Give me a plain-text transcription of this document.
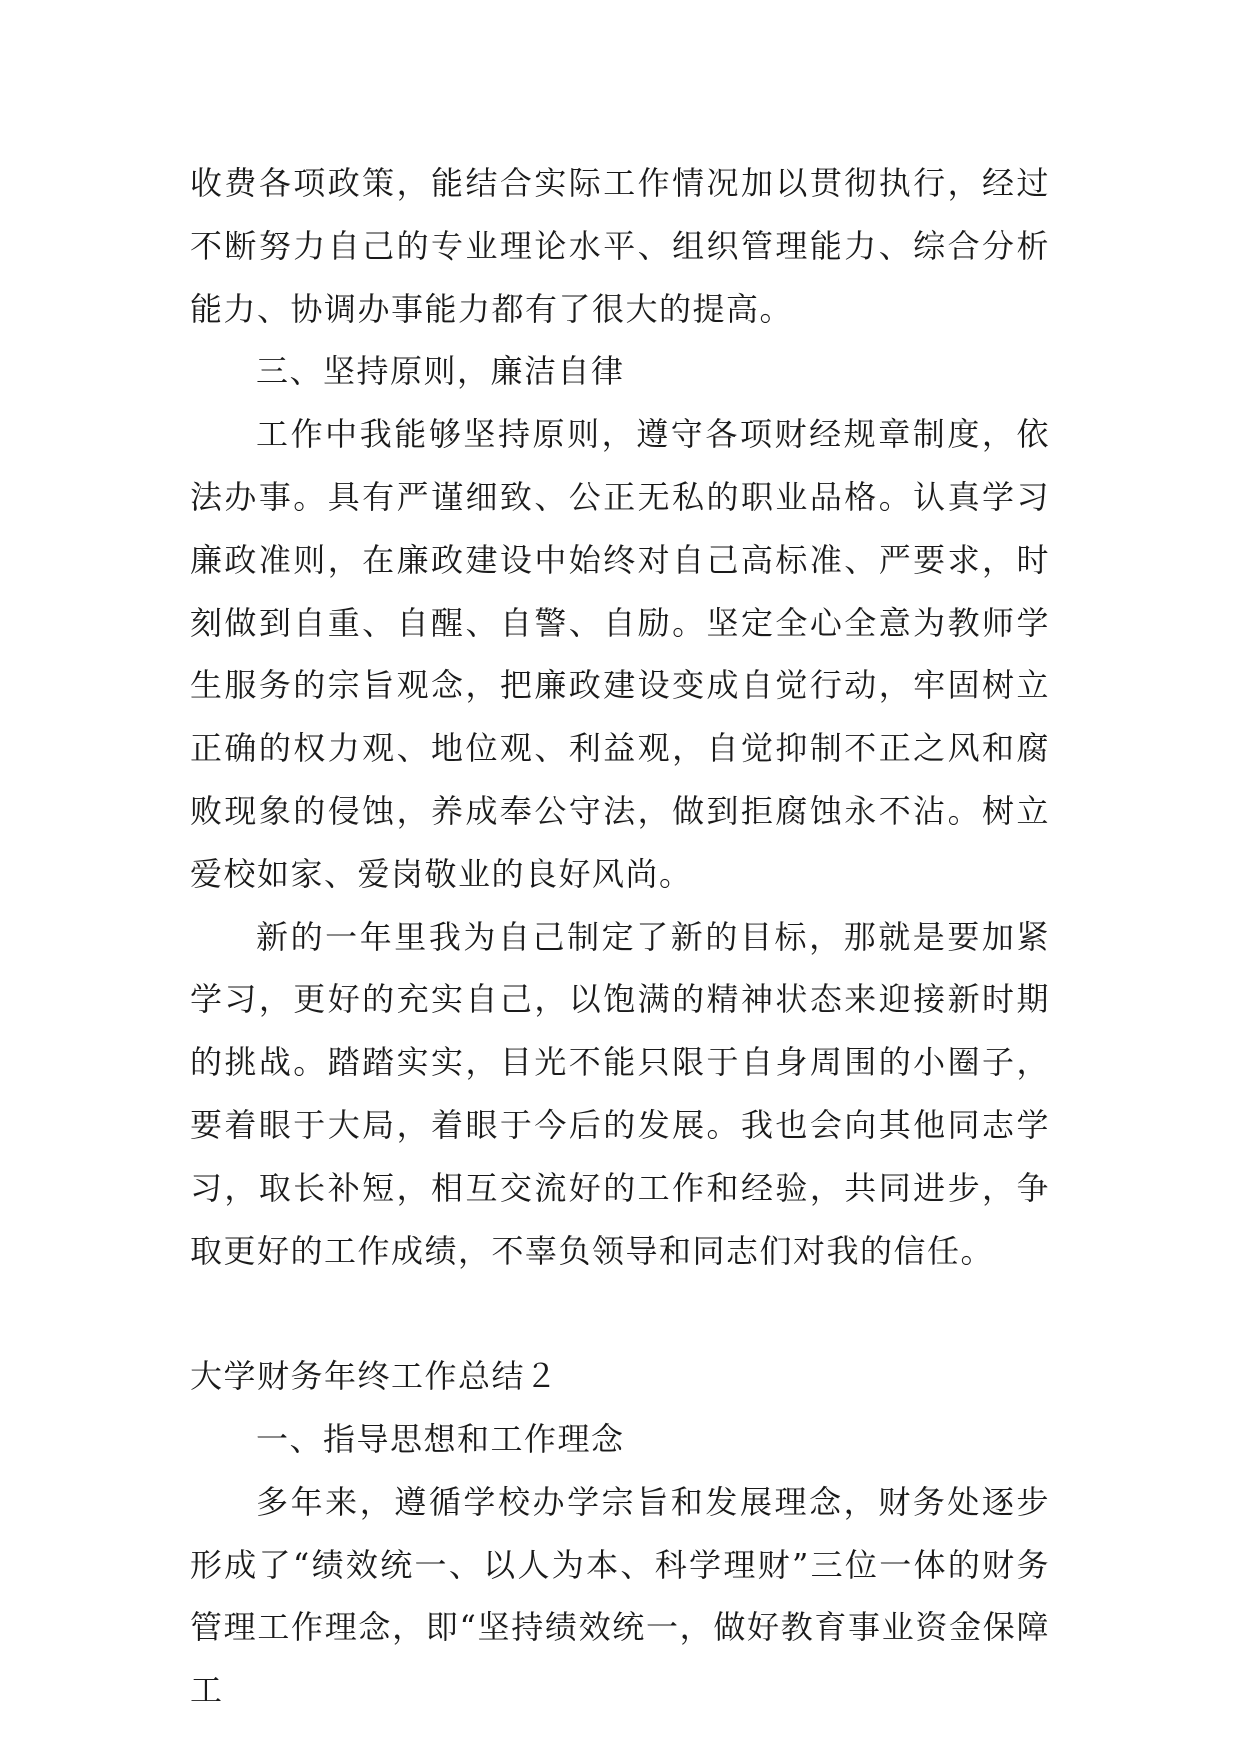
收费各项政策，能结合实际工作情况加以贯彻执行，经过不断努力自己的专业理论水平、组织管理能力、综合分析能力、协调办事能力都有了很大的提高。

三、坚持原则，廉洁自律

工作中我能够坚持原则，遵守各项财经规章制度，依法办事。具有严谨细致、公正无私的职业品格。认真学习廉政准则，在廉政建设中始终对自己高标准、严要求，时刻做到自重、自醒、自警、自励。坚定全心全意为教师学生服务的宗旨观念，把廉政建设变成自觉行动，牢固树立正确的权力观、地位观、利益观，自觉抑制不正之风和腐败现象的侵蚀，养成奉公守法，做到拒腐蚀永不沾。树立爱校如家、爱岗敬业的良好风尚。

新的一年里我为自己制定了新的目标，那就是要加紧学习，更好的充实自己，以饱满的精神状态来迎接新时期的挑战。踏踏实实，目光不能只限于自身周围的小圈子，要着眼于大局，着眼于今后的发展。我也会向其他同志学习，取长补短，相互交流好的工作和经验，共同进步，争取更好的工作成绩，不辜负领导和同志们对我的信任。

大学财务年终工作总结２

一、指导思想和工作理念

多年来，遵循学校办学宗旨和发展理念，财务处逐步形成了“绩效统一、以人为本、科学理财”三位一体的财务管理工作理念，即“坚持绩效统一，做好教育事业资金保障工
